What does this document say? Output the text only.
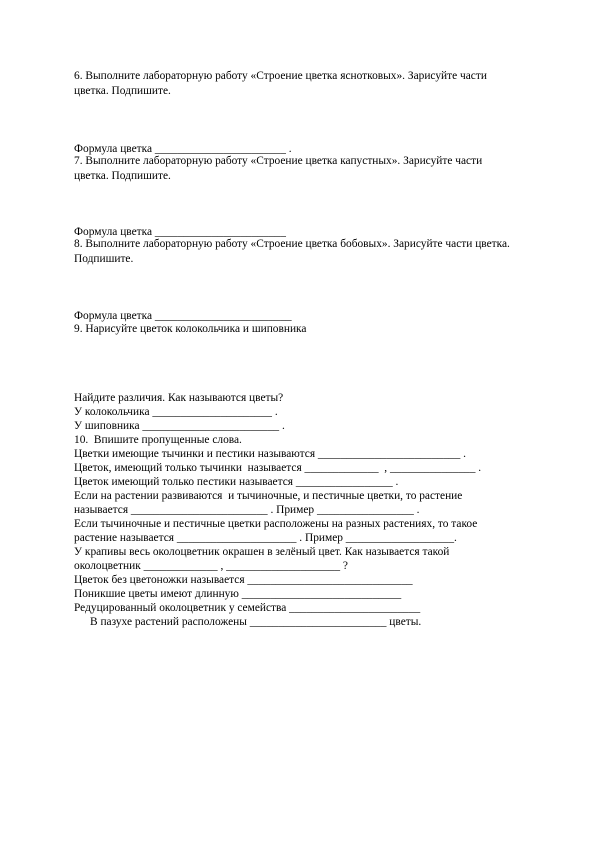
6. Выполните лабораторную работу «Строение цветка яснотковых». Зарисуйте части
цветка. Подпишите.
Формула цветка _______________________ .
7. Выполните лабораторную работу «Строение цветка капустных». Зарисуйте части
цветка. Подпишите.
Формула цветка _______________________
8. Выполните лабораторную работу «Строение цветка бобовых». Зарисуйте части цветка.
Подпишите.
Формула цветка ________________________
9. Нарисуйте цветок колокольчика и шиповника
Найдите различия. Как называются цветы?
У колокольчика _____________________ .
У шиповника ________________________ .
10.  Впишите пропущенные слова.
Цветки имеющие тычинки и пестики называются _________________________ .
Цветок, имеющий только тычинки  называется _____________  , _______________ .
Цветок имеющий только пестики называется _________________ .
Если на растении развиваются  и тычиночные, и пестичные цветки, то растение
называется ________________________ . Пример _________________ .
Если тычиночные и пестичные цветки расположены на разных растениях, то такое
растение называется _____________________ . Пример ___________________.
У крапивы весь околоцветник окрашен в зелёный цвет. Как называется такой
околоцветник _____________ , ____________________ ?
Цветок без цветоножки называется _____________________________
Поникшие цветы имеют длинную ____________________________
Редуцированный околоцветник у семейства _______________________
В пазухе растений расположены ________________________ цветы.
